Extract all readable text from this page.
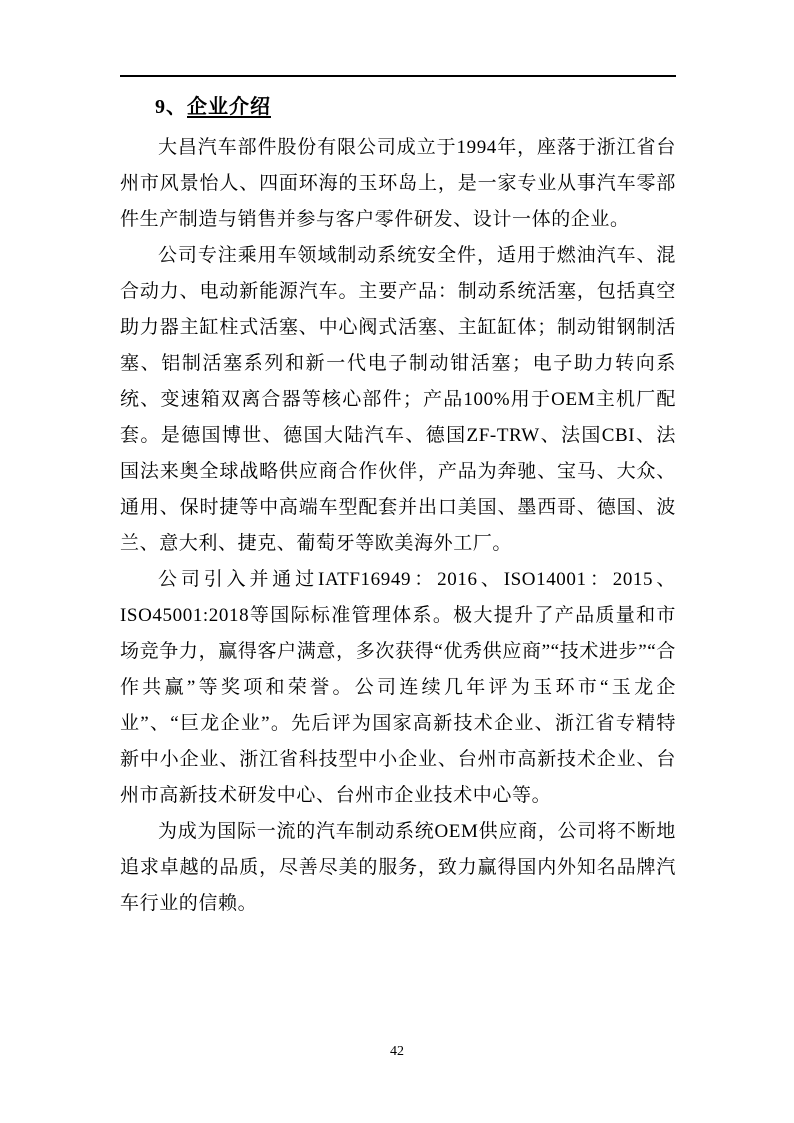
9、企业介绍

大昌汽车部件股份有限公司成立于1994年，座落于浙江省台州市风景怡人、四面环海的玉环岛上，是一家专业从事汽车零部件生产制造与销售并参与客户零件研发、设计一体的企业。

公司专注乘用车领域制动系统安全件，适用于燃油汽车、混合动力、电动新能源汽车。主要产品：制动系统活塞，包括真空助力器主缸柱式活塞、中心阀式活塞、主缸缸体；制动钳钢制活塞、铝制活塞系列和新一代电子制动钳活塞；电子助力转向系统、变速箱双离合器等核心部件；产品100%用于OEM主机厂配套。是德国博世、德国大陆汽车、德国ZF-TRW、法国CBI、法国法来奥全球战略供应商合作伙伴，产品为奔驰、宝马、大众、通用、保时捷等中高端车型配套并出口美国、墨西哥、德国、波兰、意大利、捷克、葡萄牙等欧美海外工厂。

公司引入并通过IATF16949：2016、ISO14001：2015、ISO45001:2018等国际标准管理体系。极大提升了产品质量和市场竞争力，赢得客户满意，多次获得“优秀供应商”“技术进步”“合作共赢”等奖项和荣誉。公司连续几年评为玉环市“玉龙企业”、“巨龙企业”。先后评为国家高新技术企业、浙江省专精特新中小企业、浙江省科技型中小企业、台州市高新技术企业、台州市高新技术研发中心、台州市企业技术中心等。

为成为国际一流的汽车制动系统OEM供应商，公司将不断地追求卓越的品质，尽善尽美的服务，致力赢得国内外知名品牌汽车行业的信赖。

42
